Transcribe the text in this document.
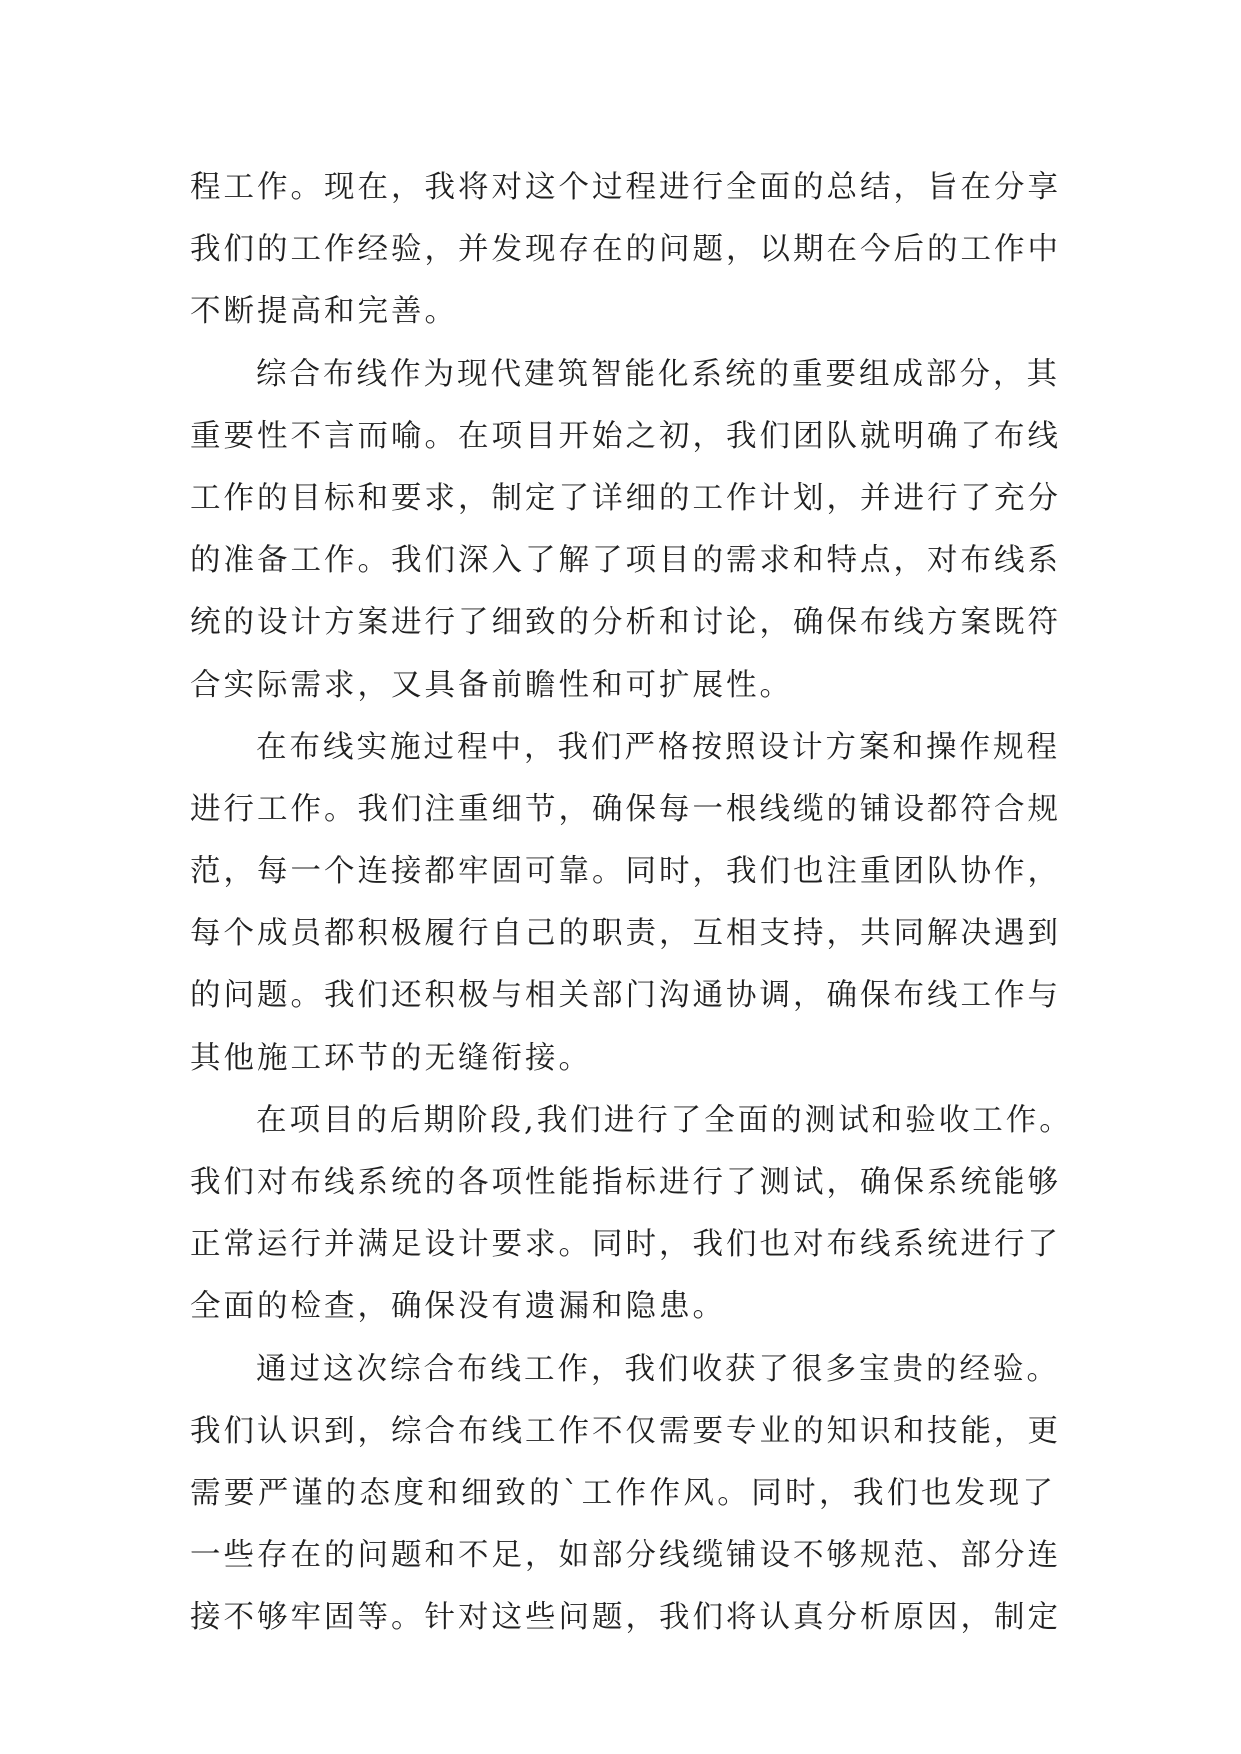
程工作。现在，我将对这个过程进行全面的总结，旨在分享
我们的工作经验，并发现存在的问题，以期在今后的工作中
不断提高和完善。
综合布线作为现代建筑智能化系统的重要组成部分，其
重要性不言而喻。在项目开始之初，我们团队就明确了布线
工作的目标和要求，制定了详细的工作计划，并进行了充分
的准备工作。我们深入了解了项目的需求和特点，对布线系
统的设计方案进行了细致的分析和讨论，确保布线方案既符
合实际需求，又具备前瞻性和可扩展性。
在布线实施过程中，我们严格按照设计方案和操作规程
进行工作。我们注重细节，确保每一根线缆的铺设都符合规
范，每一个连接都牢固可靠。同时，我们也注重团队协作，
每个成员都积极履行自己的职责，互相支持，共同解决遇到
的问题。我们还积极与相关部门沟通协调，确保布线工作与
其他施工环节的无缝衔接。
在项目的后期阶段,我们进行了全面的测试和验收工作。
我们对布线系统的各项性能指标进行了测试，确保系统能够
正常运行并满足设计要求。同时，我们也对布线系统进行了
全面的检查，确保没有遗漏和隐患。
通过这次综合布线工作，我们收获了很多宝贵的经验。
我们认识到，综合布线工作不仅需要专业的知识和技能，更
需要严谨的态度和细致的`工作作风。同时，我们也发现了
一些存在的问题和不足，如部分线缆铺设不够规范、部分连
接不够牢固等。针对这些问题，我们将认真分析原因，制定
